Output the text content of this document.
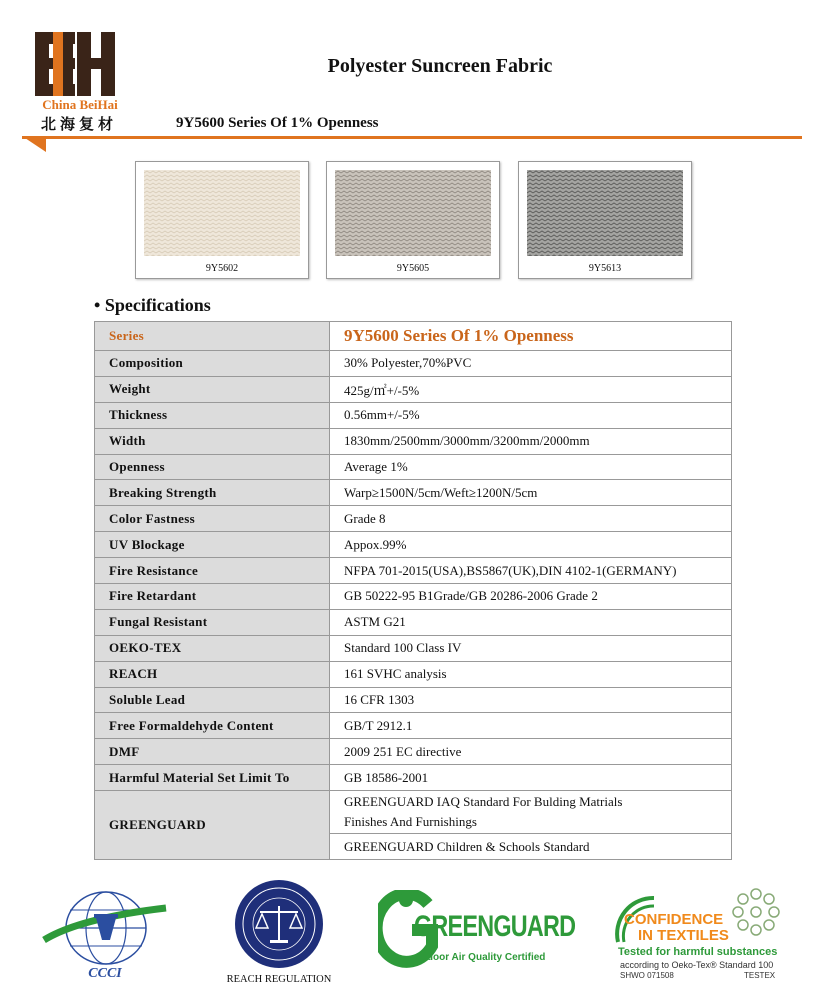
China BeiHai
北海复材
Polyester Suncreen Fabric
9Y5600 Series Of 1% Openness
9Y5602	9Y5605	9Y5613
• Specifications
Series	9Y5600 Series Of 1% Openness
Composition	30% Polyester,70%PVC
Weight	425g/㎡+/-5%
Thickness	0.56mm+/-5%
Width	1830mm/2500mm/3000mm/3200mm/2000mm
Openness	Average 1%
Breaking Strength	Warp≥1500N/5cm/Weft≥1200N/5cm
Color Fastness	Grade 8
UV Blockage	Appox.99%
Fire Resistance	NFPA 701-2015(USA),BS5867(UK),DIN 4102-1(GERMANY)
Fire Retardant	GB 50222-95 B1Grade/GB 20286-2006 Grade 2
Fungal Resistant	ASTM G21
OEKO-TEX	Standard 100 Class IV
REACH	161 SVHC analysis
Soluble Lead	16 CFR 1303
Free Formaldehyde Content	GB/T 2912.1
DMF	2009 251 EC directive
Harmful Material Set Limit To	GB 18586-2001
GREENGUARD	GREENGUARD IAQ Standard For Bulding Matrials
Finishes And Furnishings

	GREENGUARD Children & Schools Standard
CCCI	REACH REGULATION
GREENGUARD
Indoor Air Quality Certified
CONFIDENCE
IN TEXTILES
Tested for harmful substances
according to Oeko-Tex® Standard 100
SHWO 071508	TESTEX
